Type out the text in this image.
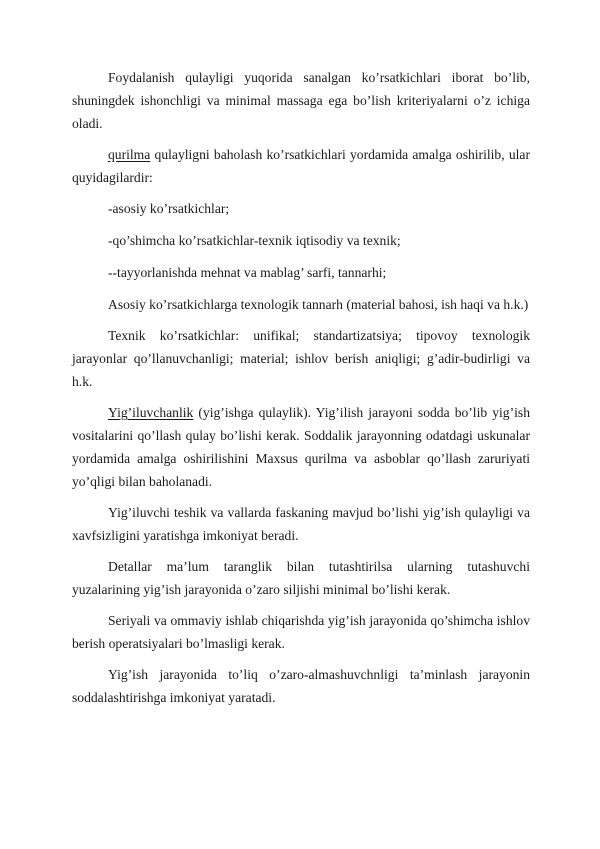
Foydalanish qulayligi yuqorida sanalgan ko’rsatkichlari iborat bo’lib, shuningdek ishonchligi va minimal massaga ega bo’lish kriteriyalarni o’z ichiga oladi.

qurilma qulayligni baholash ko’rsatkichlari yordamida amalga oshirilib, ular quyidagilardir:

-asosiy ko’rsatkichlar;

-qo’shimcha ko’rsatkichlar-texnik iqtisodiy va texnik;

--tayyorlanishda mehnat va mablag’ sarfi, tannarhi;

Asosiy ko’rsatkichlarga texnologik tannarh (material bahosi, ish haqi va h.k.)

Texnik ko’rsatkichlar: unifikal; standartizatsiya; tipovoy texnologik jarayonlar qo’llanuvchanligi; material; ishlov berish aniqligi; g’adir-budirligi va h.k.

Yig’iluvchanlik (yig’ishga qulaylik). Yig’ilish jarayoni sodda bo’lib yig’ish vositalarini qo’llash qulay bo’lishi kerak. Soddalik jarayonning odatdagi uskunalar yordamida amalga oshirilishini Maxsus qurilma va asboblar qo’llash zaruriyati yo’qligi bilan baholanadi.

Yig’iluvchi teshik va vallarda faskaning mavjud bo’lishi yig’ish qulayligi va xavfsizligini yaratishga imkoniyat beradi.

Detallar ma’lum taranglik bilan tutashtirilsa ularning tutashuvchi yuzalarining yig’ish jarayonida o’zaro siljishi minimal bo’lishi kerak.

Seriyali va ommaviy ishlab chiqarishda yig’ish jarayonida qo’shimcha ishlov berish operatsiyalari bo’lmasligi kerak.

Yig’ish jarayonida to’liq o’zaro-almashuvchnligi ta’minlash jarayonin soddalashtirishga imkoniyat yaratadi.
